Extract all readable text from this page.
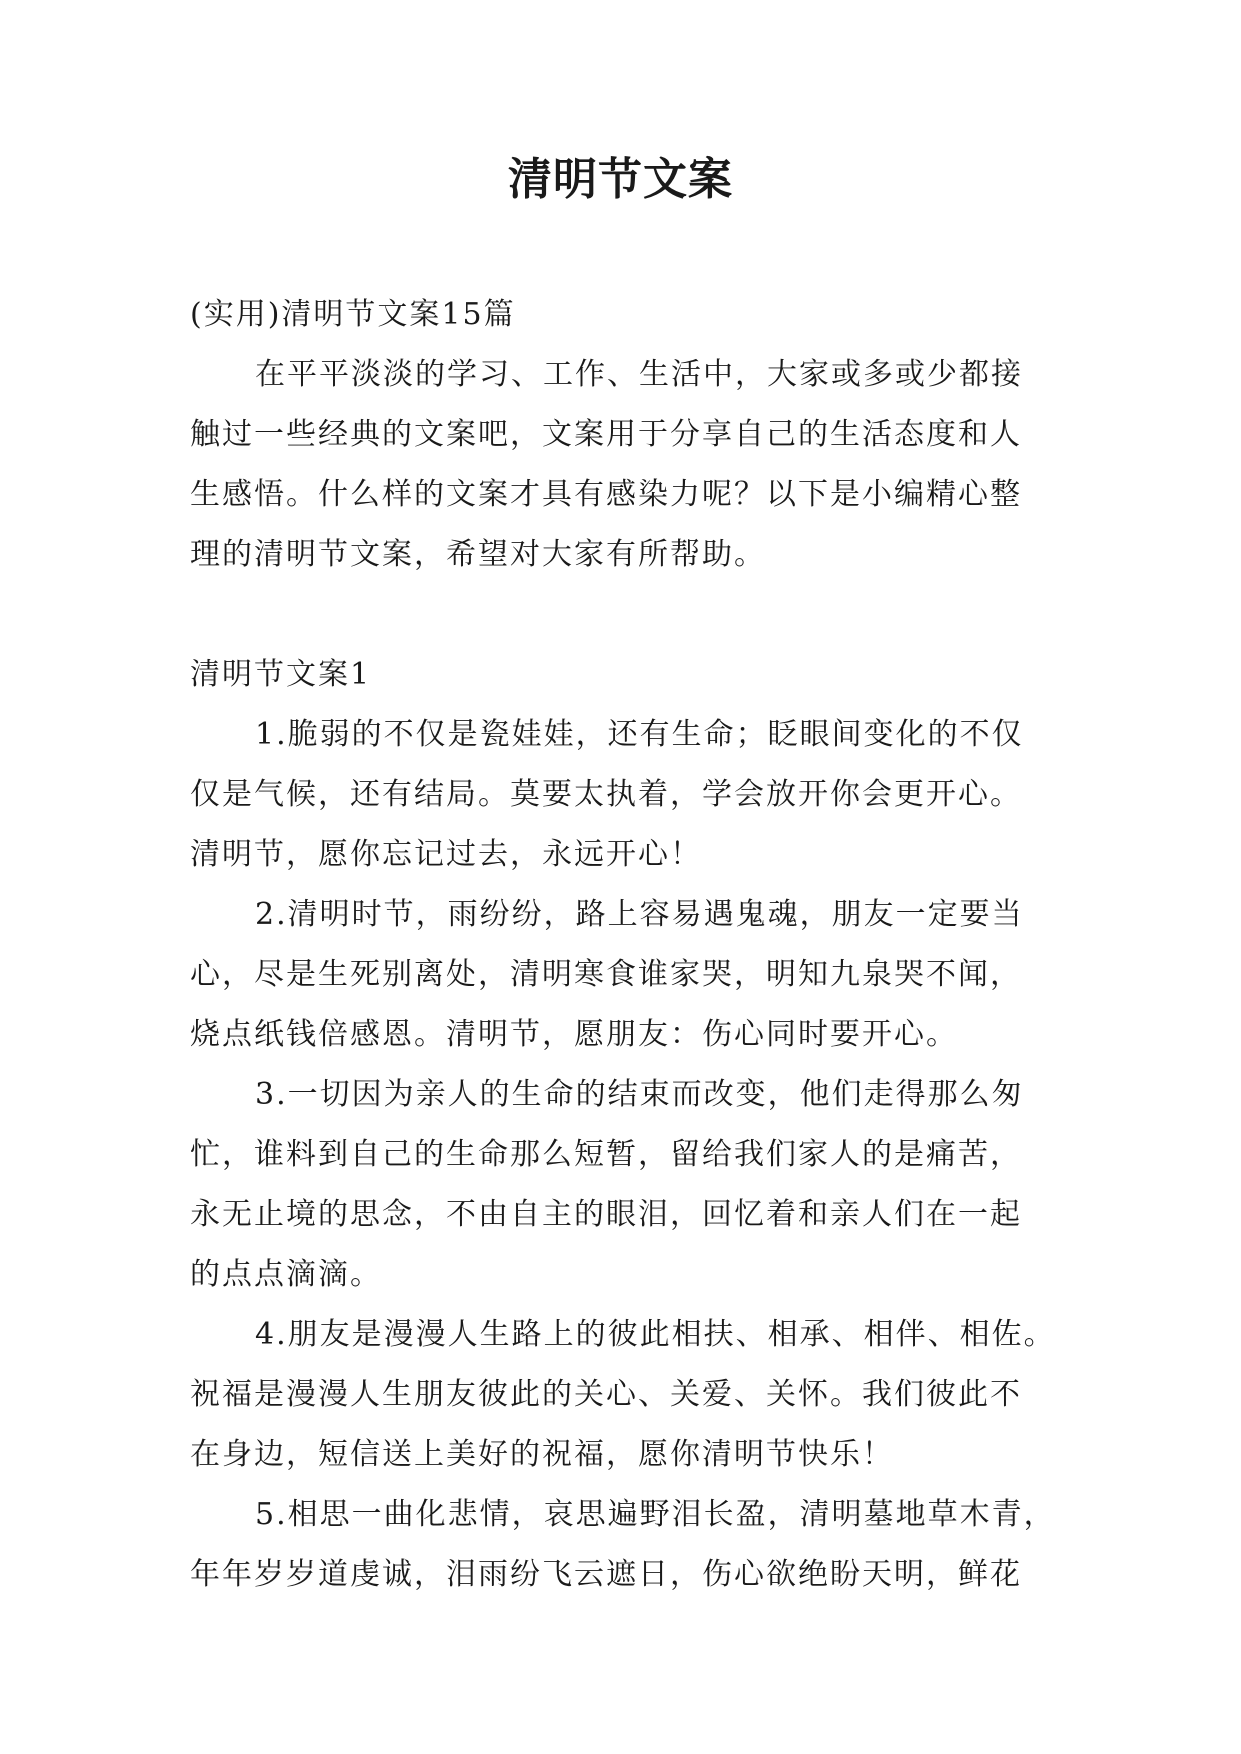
清明节文案
(实用)清明节文案15篇
在平平淡淡的学习、工作、生活中，大家或多或少都接
触过一些经典的文案吧，文案用于分享自己的生活态度和人
生感悟。什么样的文案才具有感染力呢？以下是小编精心整
理的清明节文案，希望对大家有所帮助。
清明节文案1
1.脆弱的不仅是瓷娃娃，还有生命；眨眼间变化的不仅
仅是气候，还有结局。莫要太执着，学会放开你会更开心。
清明节，愿你忘记过去，永远开心！
2.清明时节，雨纷纷，路上容易遇鬼魂，朋友一定要当
心，尽是生死别离处，清明寒食谁家哭，明知九泉哭不闻，
烧点纸钱倍感恩。清明节，愿朋友：伤心同时要开心。
3.一切因为亲人的生命的结束而改变，他们走得那么匆
忙，谁料到自己的生命那么短暂，留给我们家人的是痛苦，
永无止境的思念，不由自主的眼泪，回忆着和亲人们在一起
的点点滴滴。
4.朋友是漫漫人生路上的彼此相扶、相承、相伴、相佐。
祝福是漫漫人生朋友彼此的关心、关爱、关怀。我们彼此不
在身边，短信送上美好的祝福，愿你清明节快乐！
5.相思一曲化悲情，哀思遍野泪长盈，清明墓地草木青，
年年岁岁道虔诚，泪雨纷飞云遮日，伤心欲绝盼天明，鲜花
